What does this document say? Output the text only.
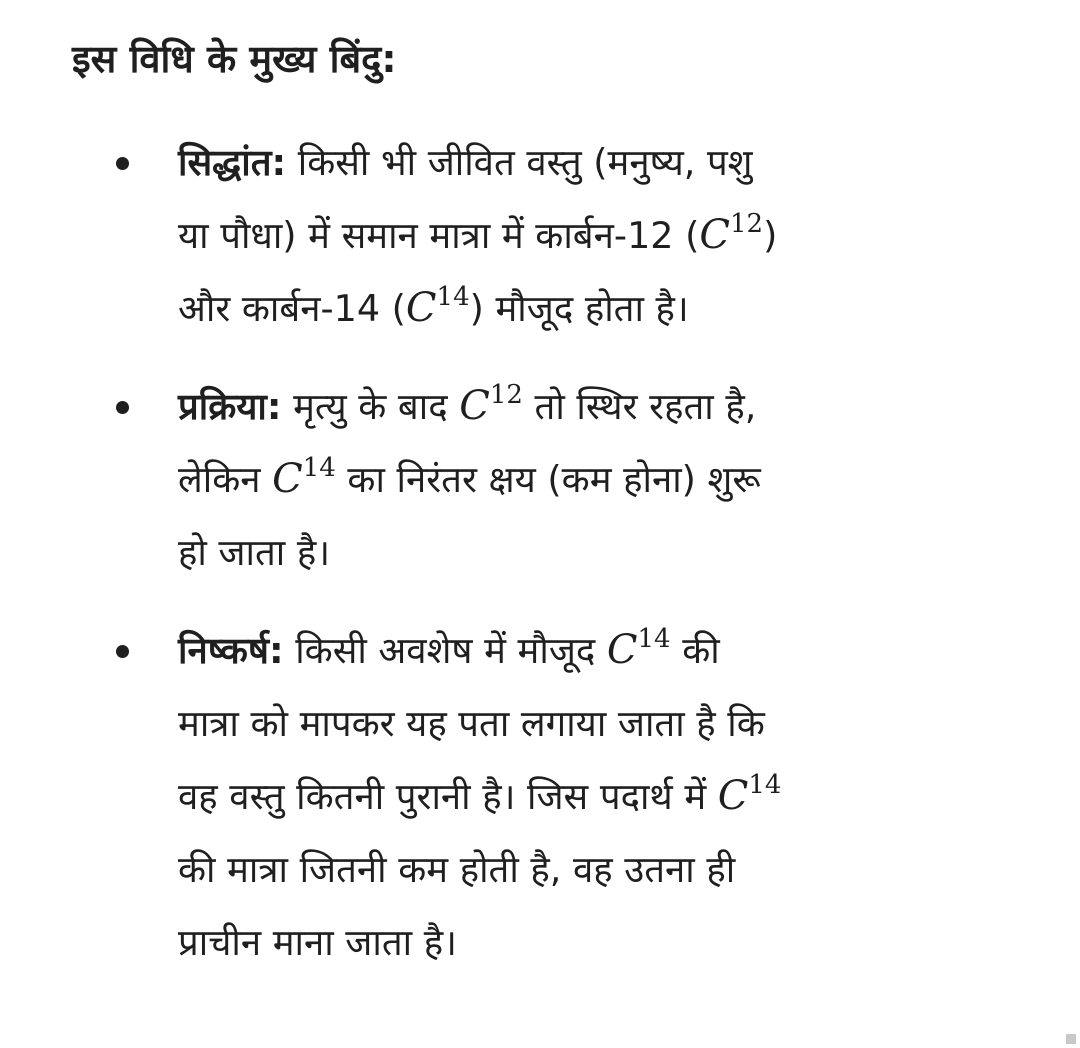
इस विधि के मुख्य बिंदु:
सिद्धांत: किसी भी जीवित वस्तु (मनुष्य, पशु
या पौधा) में समान मात्रा में कार्बन-12 $(C^{12})$
और कार्बन-14 $(C^{14})$ मौजूद होता है।
प्रक्रिया: मृत्यु के बाद $C^{12}$ तो स्थिर रहता है,
लेकिन $C^{14}$ का निरंतर क्षय (कम होना) शुरू
हो जाता है।
निष्कर्ष: किसी अवशेष में मौजूद $C^{14}$ की
मात्रा को मापकर यह पता लगाया जाता है कि
वह वस्तु कितनी पुरानी है। जिस पदार्थ में $C^{14}$
की मात्रा जितनी कम होती है, वह उतना ही
प्राचीन माना जाता है।
